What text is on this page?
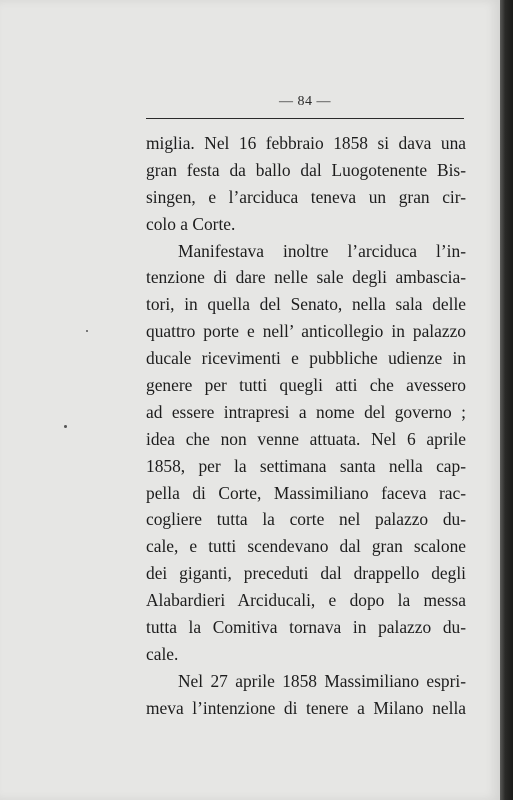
— 84 —
miglia. Nel 16 febbraio 1858 si dava una
gran festa da ballo dal Luogotenente Bis-
singen, e l’arciduca teneva un gran cir-
colo a Corte.
Manifestava inoltre l’arciduca l’in-
tenzione di dare nelle sale degli ambascia-
tori, in quella del Senato, nella sala delle
quattro porte e nell’ anticollegio in palazzo
ducale ricevimenti e pubbliche udienze in
genere per tutti quegli atti che avessero
ad essere intrapresi a nome del governo ;
idea che non venne attuata. Nel 6 aprile
1858, per la settimana santa nella cap-
pella di Corte, Massimiliano faceva rac-
cogliere tutta la corte nel palazzo du-
cale, e tutti scendevano dal gran scalone
dei giganti, preceduti dal drappello degli
Alabardieri Arciducali, e dopo la messa
tutta la Comitiva tornava in palazzo du-
cale.
Nel 27 aprile 1858 Massimiliano espri-
meva l’intenzione di tenere a Milano nella
